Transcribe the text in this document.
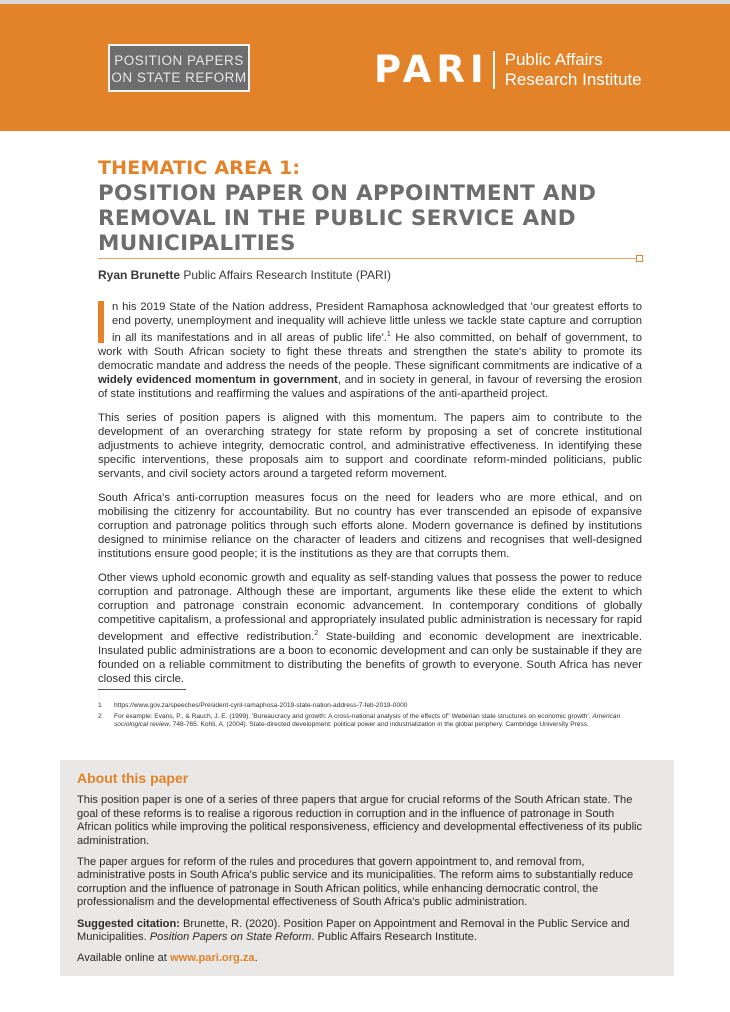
POSITION PAPERS
ON STATE REFORM	PARI Public Affairs
Research Institute
THEMATIC AREA 1:
POSITION PAPER ON APPOINTMENT AND
REMOVAL IN THE PUBLIC SERVICE AND
MUNICIPALITIES
Ryan Brunette Public Affairs Research Institute (PARI)

n his 2019 State of the Nation address, President Ramaphosa acknowledged that 'our greatest efforts to end poverty, unemployment and inequality will achieve little unless we tackle state capture and corruption in all its manifestations and in all areas of public life'.$^1$ He also committed, on behalf of government, to work with South African society to fight these threats and strengthen the state's ability to promote its democratic mandate and address the needs of the people. These significant commitments are indicative of a widely evidenced momentum in government, and in society in general, in favour of reversing the erosion of state institutions and reaffirming the values and aspirations of the anti-apartheid project.

This series of position papers is aligned with this momentum. The papers aim to contribute to the development of an overarching strategy for state reform by proposing a set of concrete institutional adjustments to achieve integrity, democratic control, and administrative effectiveness. In identifying these specific interventions, these proposals aim to support and coordinate reform-minded politicians, public servants, and civil society actors around a targeted reform movement.

South Africa's anti-corruption measures focus on the need for leaders who are more ethical, and on mobilising the citizenry for accountability. But no country has ever transcended an episode of expansive corruption and patronage politics through such efforts alone. Modern governance is defined by institutions designed to minimise reliance on the character of leaders and citizens and recognises that well-designed institutions ensure good people; it is the institutions as they are that corrupts them.

Other views uphold economic growth and equality as self-standing values that possess the power to reduce corruption and patronage. Although these are important, arguments like these elide the extent to which corruption and patronage constrain economic advancement. In contemporary conditions of globally competitive capitalism, a professional and appropriately insulated public administration is necessary for rapid development and effective redistribution.$^2$ State-building and economic development are inextricable. Insulated public administrations are a boon to economic development and can only be sustainable if they are founded on a reliable commitment to distributing the benefits of growth to everyone. South Africa has never closed this circle.

1	https://www.gov.za/speeches/President-cyril-ramaphosa-2019-state-nation-address-7-feb-2019-0000
2	For example: Evans, P., & Rauch, J. E. (1999). 'Bureaucracy and growth: A cross-national analysis of the effects of" Weberian state structures on economic growth'. American sociological review, 748-765. Kohli, A. (2004). State-directed development: political power and industrialization in the global periphery. Cambridge University Press.
About this paper

This position paper is one of a series of three papers that argue for crucial reforms of the South African state. The goal of these reforms is to realise a rigorous reduction in corruption and in the influence of patronage in South African politics while improving the political responsiveness, efficiency and developmental effectiveness of its public administration.

The paper argues for reform of the rules and procedures that govern appointment to, and removal from, administrative posts in South Africa's public service and its municipalities. The reform aims to substantially reduce corruption and the influence of patronage in South African politics, while enhancing democratic control, the professionalism and the developmental effectiveness of South Africa's public administration.

Suggested citation: Brunette, R. (2020). Position Paper on Appointment and Removal in the Public Service and Municipalities. Position Papers on State Reform. Public Affairs Research Institute.

Available online at www.pari.org.za.
